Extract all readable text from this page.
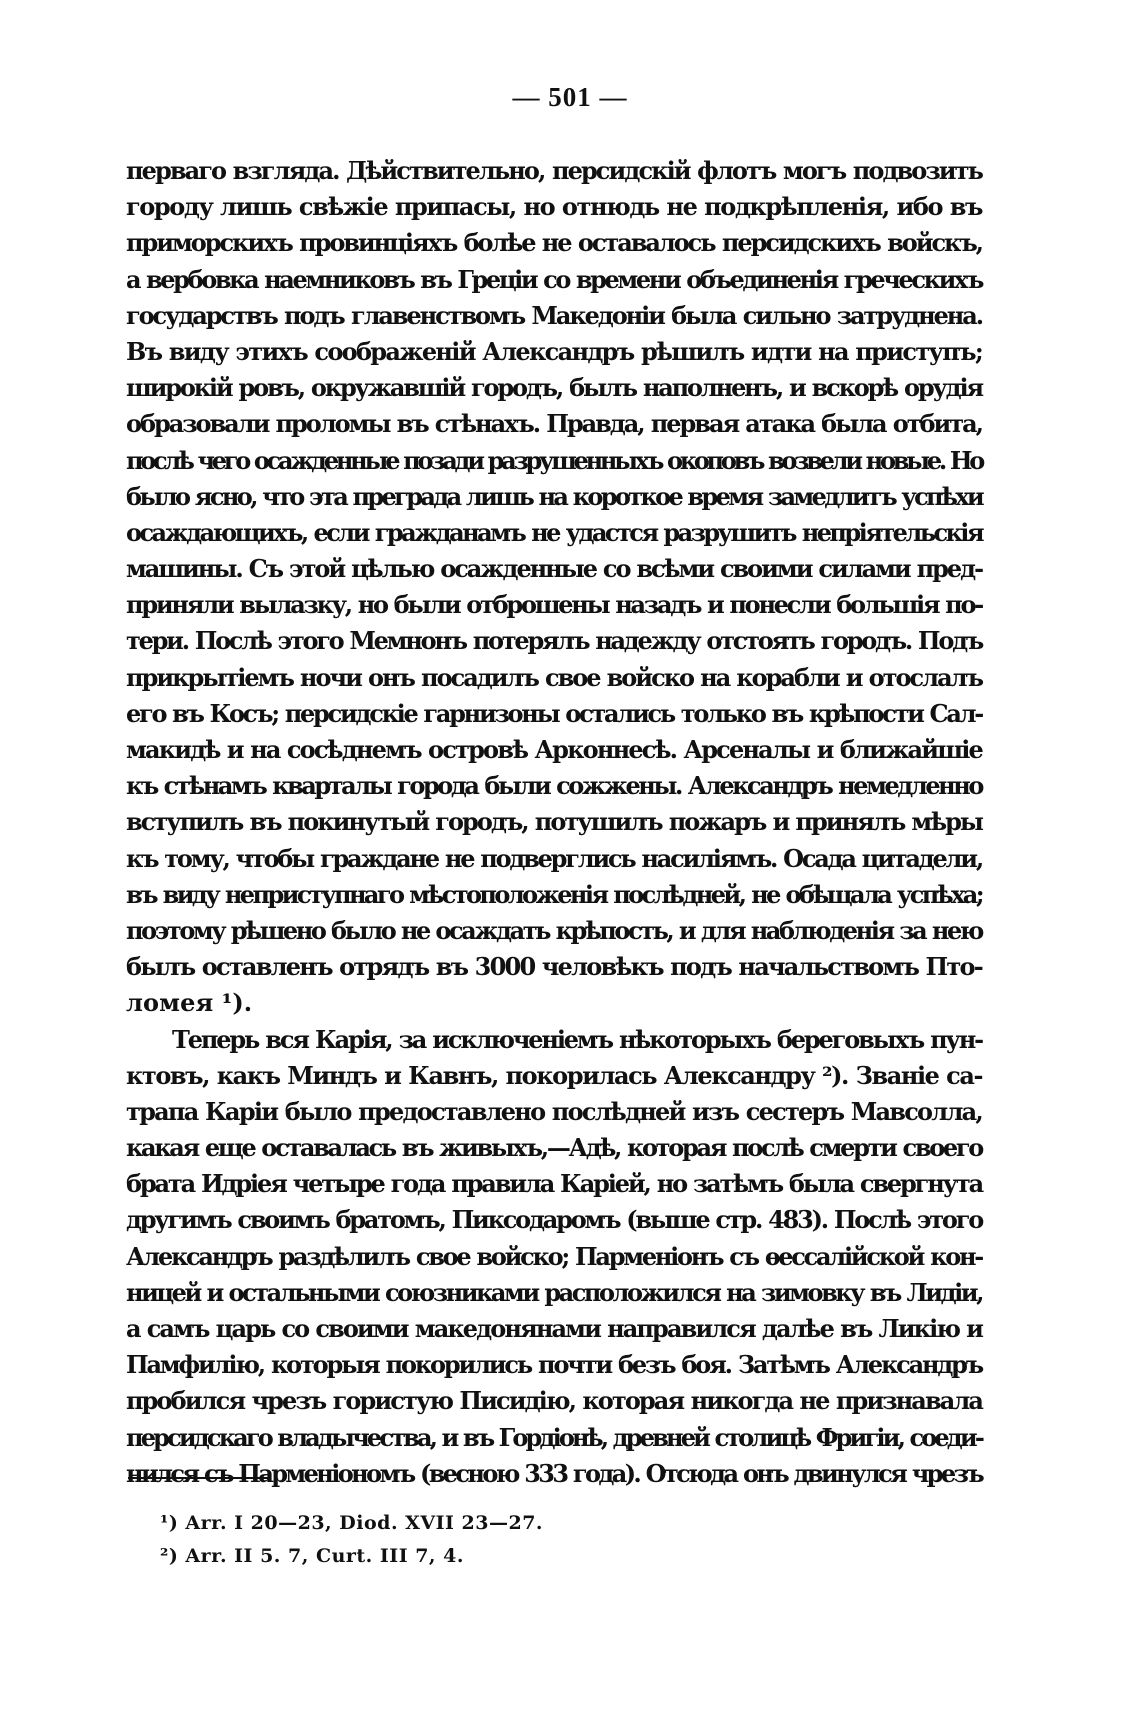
— 501 —
перваго взгляда. Дѣйствительно, персидскій флотъ могъ подвозить
городу лишь свѣжіе припасы, но отнюдь не подкрѣпленія, ибо въ
приморскихъ провинціяхъ болѣе не оставалось персидскихъ войскъ,
а вербовка наемниковъ въ Греціи со времени объединенія греческихъ
государствъ подъ главенствомъ Македоніи была сильно затруднена.
Въ виду этихъ соображеній Александръ рѣшилъ идти на приступъ;
широкій ровъ, окружавшій городъ, былъ наполненъ, и вскорѣ орудія
образовали проломы въ стѣнахъ. Правда, первая атака была отбита,
послѣ чего осажденные позади разрушенныхъ окоповъ возвели новые. Но
было ясно, что эта преграда лишь на короткое время замедлитъ успѣхи
осаждающихъ, если гражданамъ не удастся разрушить непріятельскія
машины. Съ этой цѣлью осажденные со всѣми своими силами пред-
приняли вылазку, но были отброшены назадъ и понесли большія по-
тери. Послѣ этого Мемнонъ потерялъ надежду отстоять городъ. Подъ
прикрытіемъ ночи онъ посадилъ свое войско на корабли и отослалъ
его въ Косъ; персидскіе гарнизоны остались только въ крѣпости Сал-
макидѣ и на сосѣднемъ островѣ Арконнесѣ. Арсеналы и ближайшіе
къ стѣнамъ кварталы города были сожжены. Александръ немедленно
вступилъ въ покинутый городъ, потушилъ пожаръ и принялъ мѣры
къ тому, чтобы граждане не подверглись насиліямъ. Осада цитадели,
въ виду неприступнаго мѣстоположенія послѣдней, не обѣщала успѣха;
поэтому рѣшено было не осаждать крѣпость, и для наблюденія за нею
былъ оставленъ отрядъ въ 3000 человѣкъ подъ начальствомъ Пто-
ломея ¹).
Теперь вся Карія, за исключеніемъ нѣкоторыхъ береговыхъ пун-
ктовъ, какъ Миндъ и Кавнъ, покорилась Александру ²). Званіе са-
трапа Каріи было предоставлено послѣдней изъ сестеръ Мавсолла,
какая еще оставалась въ живыхъ,—Адѣ, которая послѣ смерти своего
брата Идріея четыре года правила Каріей, но затѣмъ была свергнута
другимъ своимъ братомъ, Пиксодаромъ (выше стр. 483). Послѣ этого
Александръ раздѣлилъ свое войско; Парменіонъ съ ѳессалійской кон-
ницей и остальными союзниками расположился на зимовку въ Лидіи,
а самъ царь со своими македонянами направился далѣе въ Ликію и
Памфилію, которыя покорились почти безъ боя. Затѣмъ Александръ
пробился чрезъ гористую Писидію, которая никогда не признавала
персидскаго владычества, и въ Гордіонѣ, древней столицѣ Фригіи, соеди-
нился съ Парменіономъ (весною 333 года). Отсюда онъ двинулся чрезъ
¹) Arr. I 20—23, Diod. XVII 23—27.
²) Arr. II 5. 7, Curt. III 7, 4.
